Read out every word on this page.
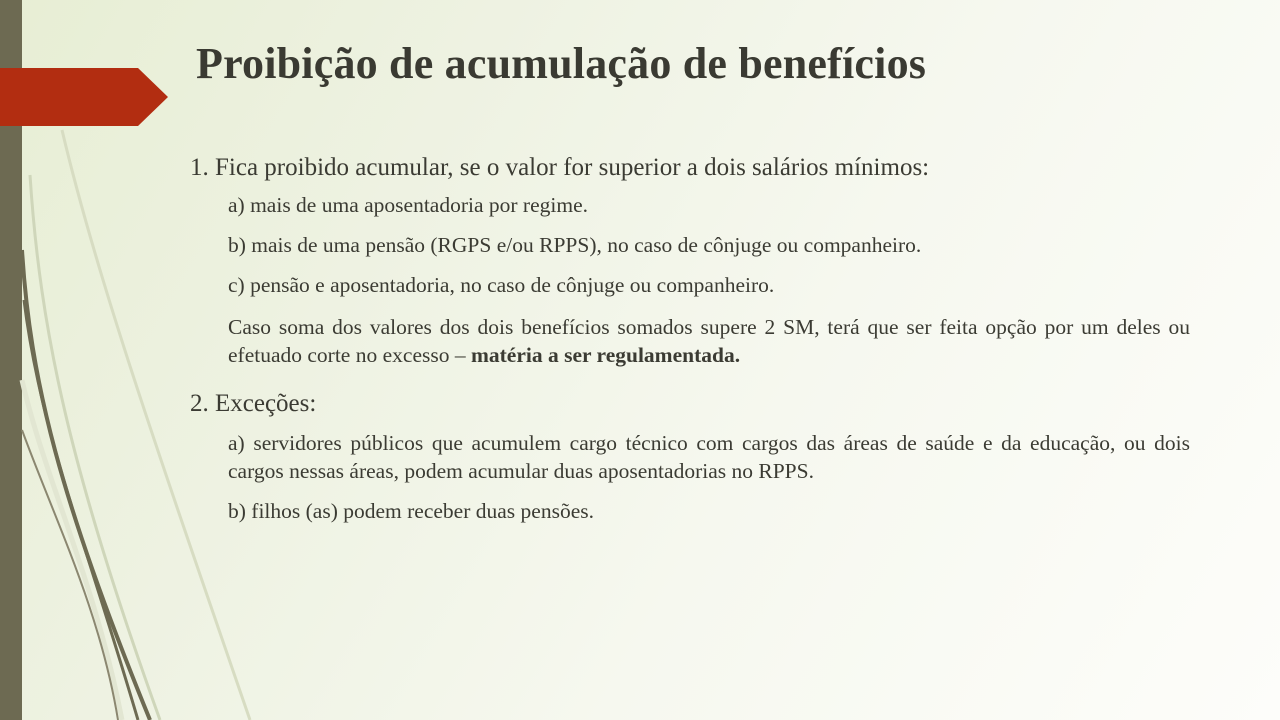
Proibição de acumulação de benefícios

1. Fica proibido acumular, se o valor for superior a dois salários mínimos:

a) mais de uma aposentadoria por regime.

b) mais de uma pensão (RGPS e/ou RPPS), no caso de cônjuge ou companheiro.

c) pensão e aposentadoria, no caso de cônjuge ou companheiro.

Caso soma dos valores dos dois benefícios somados supere 2 SM, terá que ser feita opção por um deles ou efetuado corte no excesso – matéria a ser regulamentada.

2. Exceções:

a) servidores públicos que acumulem cargo técnico com cargos das áreas de saúde e da educação, ou dois cargos nessas áreas, podem acumular duas aposentadorias no RPPS.

b) filhos (as) podem receber duas pensões.
